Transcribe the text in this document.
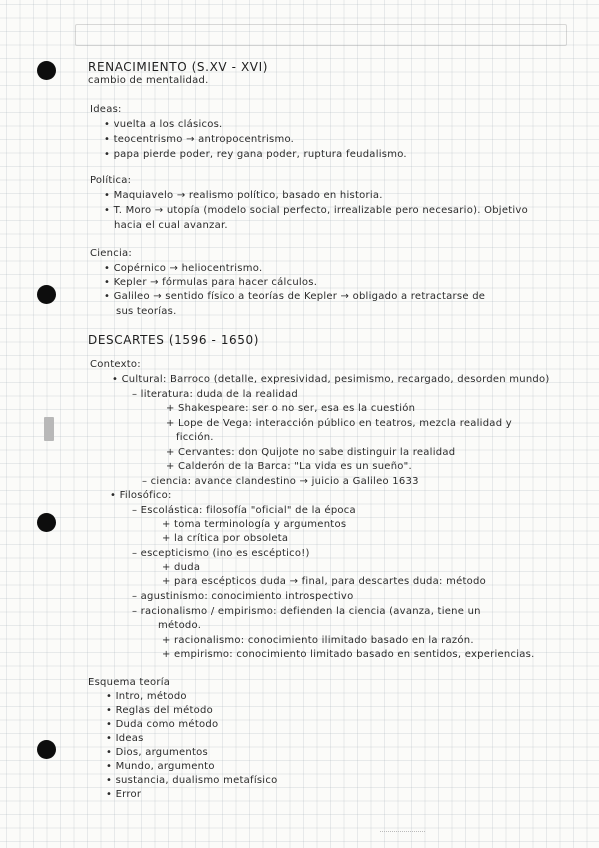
RENACIMIENTO (S.XV - XVI)
cambio de mentalidad.
Ideas:
• vuelta a los clásicos.
• teocentrismo → antropocentrismo.
• papa pierde poder, rey gana poder, ruptura feudalismo.
Política:
• Maquiavelo → realismo político, basado en historia.
• T. Moro → utopía (modelo social perfecto, irrealizable pero necesario). Objetivo
hacia el cual avanzar.
Ciencia:
• Copérnico → heliocentrismo.
• Kepler → fórmulas para hacer cálculos.
• Galileo → sentido físico a teorías de Kepler → obligado a retractarse de
sus teorías.
DESCARTES (1596 - 1650)
Contexto:
• Cultural: Barroco (detalle, expresividad, pesimismo, recargado, desorden mundo)
– literatura: duda de la realidad
+ Shakespeare: ser o no ser, esa es la cuestión
+ Lope de Vega: interacción público en teatros, mezcla realidad y
ficción.
+ Cervantes: don Quijote no sabe distinguir la realidad
+ Calderón de la Barca: "La vida es un sueño".
– ciencia: avance clandestino → juicio a Galileo 1633
• Filosófico:
– Escolástica: filosofía "oficial" de la época
+ toma terminología y argumentos
+ la crítica por obsoleta
– escepticismo (ino es escéptico!)
+ duda
+ para escépticos duda → final, para descartes duda: método
– agustinismo: conocimiento introspectivo
– racionalismo / empirismo: defienden la ciencia (avanza, tiene un
método.
+ racionalismo: conocimiento ilimitado basado en la razón.
+ empirismo: conocimiento limitado basado en sentidos, experiencias.
Esquema teoría
• Intro, método
• Reglas del método
• Duda como método
• Ideas
• Dios, argumentos
• Mundo, argumento
• sustancia, dualismo metafísico
• Error
